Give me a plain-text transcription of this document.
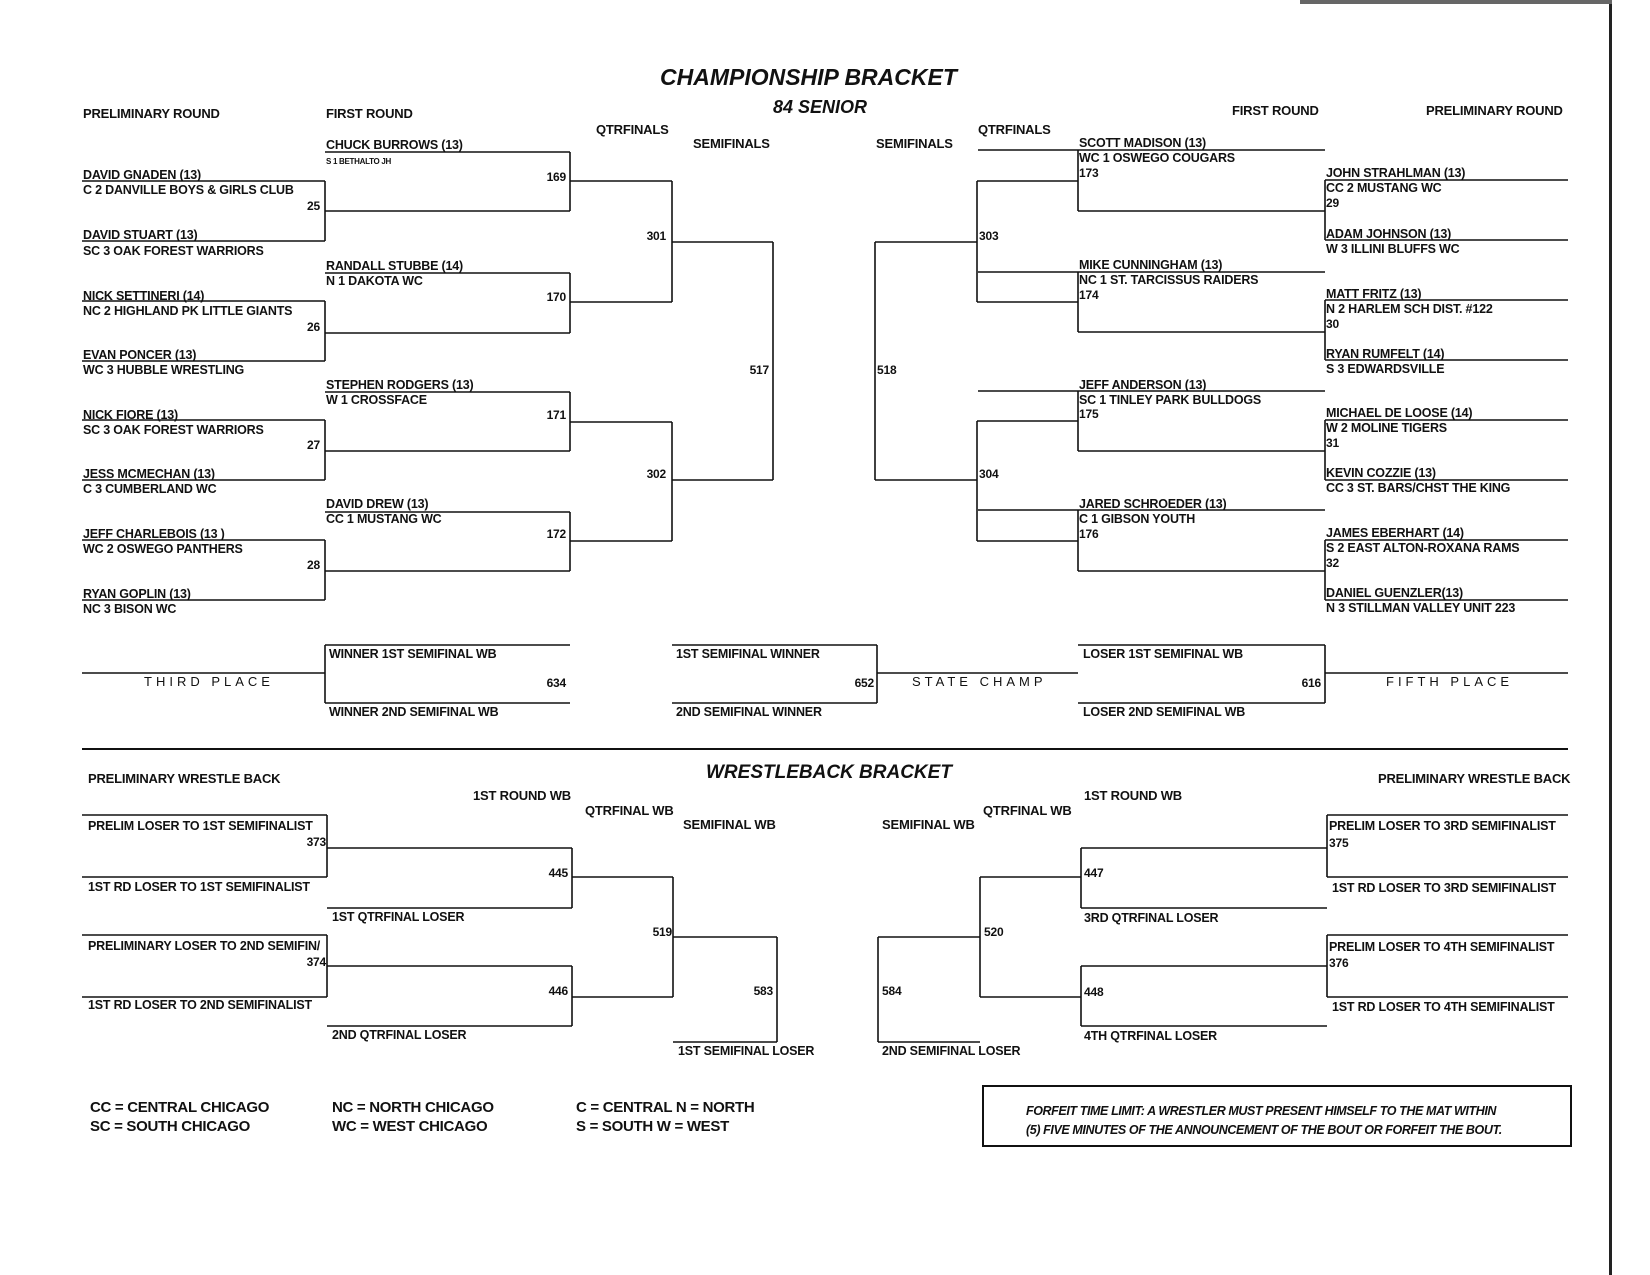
CHAMPIONSHIP BRACKET
84 SENIOR
PRELIMINARY ROUND	FIRST ROUND
QTRFINALS
SEMIFINALS	SEMIFINALS
QTRFINALS
FIRST ROUND	PRELIMINARY ROUND
CHUCK BURROWS (13)
S 1 BETHALTO JH
RANDALL STUBBE (14)
N 1 DAKOTA WC
STEPHEN RODGERS (13)
W 1 CROSSFACE
DAVID DREW (13)
CC 1 MUSTANG WC
DAVID GNADEN (13)
C 2 DANVILLE BOYS & GIRLS CLUB
DAVID STUART (13)
SC 3 OAK FOREST WARRIORS
NICK SETTINERI (14)
NC 2 HIGHLAND PK LITTLE GIANTS
EVAN PONCER (13)
WC 3 HUBBLE WRESTLING
NICK FIORE (13)
SC 3 OAK FOREST WARRIORS
JESS MCMECHAN (13)
C 3 CUMBERLAND WC
JEFF CHARLEBOIS (13 )
WC 2 OSWEGO PANTHERS
RYAN GOPLIN (13)
NC 3 BISON WC
25
26
27
28
169
170
171
172
301
302
517
SCOTT MADISON (13)
WC 1 OSWEGO COUGARS
MIKE CUNNINGHAM (13)
NC 1 ST. TARCISSUS RAIDERS
JEFF ANDERSON (13)
SC 1 TINLEY PARK BULLDOGS
JARED SCHROEDER (13)
C 1 GIBSON YOUTH
JOHN STRAHLMAN (13)
CC 2 MUSTANG WC
ADAM JOHNSON (13)
W 3 ILLINI BLUFFS WC
MATT FRITZ (13)
N 2 HARLEM SCH DIST. #122
RYAN RUMFELT (14)
S 3 EDWARDSVILLE
MICHAEL DE LOOSE (14)
W 2 MOLINE TIGERS
KEVIN COZZIE (13)
CC 3 ST. BARS/CHST THE KING
JAMES EBERHART (14)
S 2 EAST ALTON-ROXANA RAMS
DANIEL GUENZLER(13)
N 3 STILLMAN VALLEY UNIT 223
29
30
31
32
173
174
175
176
303
304
518
THIRD PLACE
WINNER 1ST SEMIFINAL WB
WINNER 2ND SEMIFINAL WB
634
1ST SEMIFINAL WINNER
2ND SEMIFINAL WINNER
652	STATE CHAMP
LOSER 1ST SEMIFINAL WB
LOSER 2ND SEMIFINAL WB
616	FIFTH PLACE
WRESTLEBACK BRACKET
PRELIMINARY WRESTLE BACK
1ST ROUND WB
QTRFINAL WB
SEMIFINAL WB	SEMIFINAL WB
QTRFINAL WB
1ST ROUND WB
PRELIMINARY WRESTLE BACK
PRELIM LOSER TO 1ST SEMIFINALIST
1ST RD LOSER TO 1ST SEMIFINALIST
PRELIMINARY LOSER TO 2ND SEMIFIN/
1ST RD LOSER TO 2ND SEMIFINALIST
373
374
1ST QTRFINAL LOSER
2ND QTRFINAL LOSER
445
446
519
583
1ST SEMIFINAL LOSER
PRELIM LOSER TO 3RD SEMIFINALIST
1ST RD LOSER TO 3RD SEMIFINALIST
PRELIM LOSER TO 4TH SEMIFINALIST
1ST RD LOSER TO 4TH SEMIFINALIST
375
376
447
448
3RD QTRFINAL LOSER
4TH QTRFINAL LOSER
520
584
2ND SEMIFINAL LOSER
CC = CENTRAL CHICAGO
SC = SOUTH CHICAGO
NC = NORTH CHICAGO
WC = WEST CHICAGO
C = CENTRAL N = NORTH
S = SOUTH W = WEST
FORFEIT TIME LIMIT: A WRESTLER MUST PRESENT HIMSELF TO THE MAT WITHIN
(5) FIVE MINUTES OF THE ANNOUNCEMENT OF THE BOUT OR FORFEIT THE BOUT.
